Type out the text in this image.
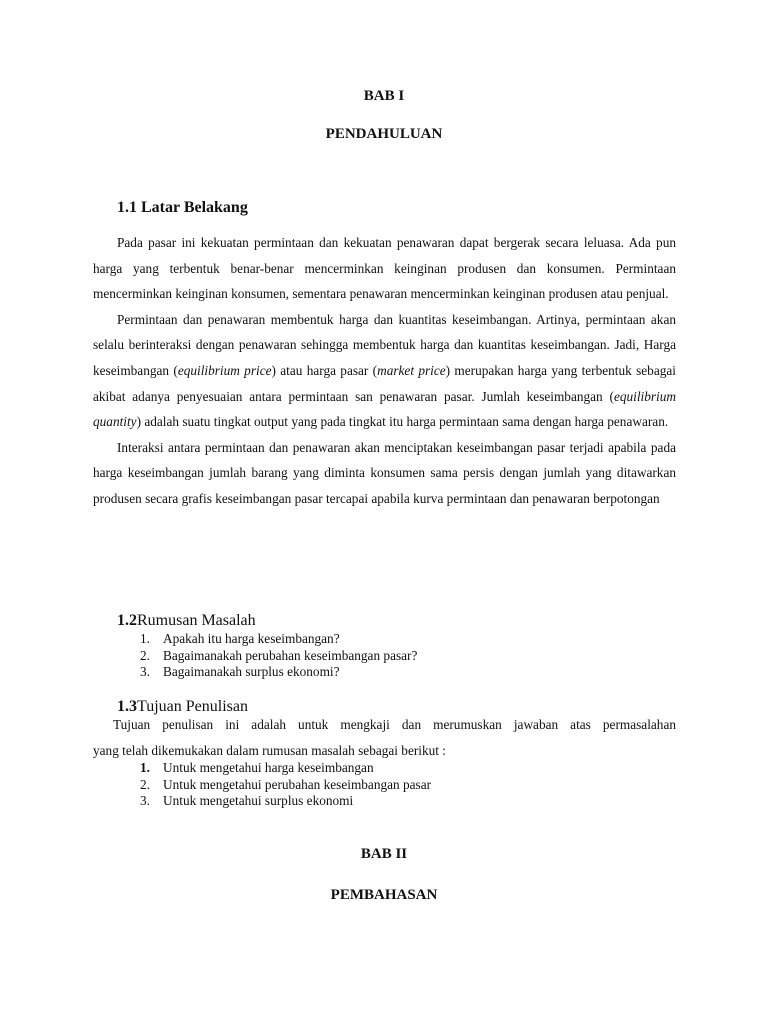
BAB I
PENDAHULUAN
1.1 Latar Belakang

Pada pasar ini kekuatan permintaan dan kekuatan penawaran dapat bergerak secara leluasa. Ada pun harga yang terbentuk benar-benar mencerminkan keinginan produsen dan konsumen. Permintaan mencerminkan keinginan konsumen, sementara penawaran mencerminkan keinginan produsen atau penjual.

Permintaan dan penawaran membentuk harga dan kuantitas keseimbangan. Artinya, permintaan akan selalu berinteraksi dengan penawaran sehingga membentuk harga dan kuantitas keseimbangan. Jadi, Harga keseimbangan (equilibrium price) atau harga pasar (market price) merupakan harga yang terbentuk sebagai akibat adanya penyesuaian antara permintaan san penawaran pasar. Jumlah keseimbangan (equilibrium quantity) adalah suatu tingkat output yang pada tingkat itu harga permintaan sama dengan harga penawaran.

Interaksi antara permintaan dan penawaran akan menciptakan keseimbangan pasar terjadi apabila pada harga keseimbangan jumlah barang yang diminta konsumen sama persis dengan jumlah yang ditawarkan produsen secara grafis keseimbangan pasar tercapai apabila kurva permintaan dan penawaran berpotongan

1.2Rumusan Masalah
1. Apakah itu harga keseimbangan?
2. Bagaimanakah perubahan keseimbangan pasar?
3. Bagaimanakah surplus ekonomi?
1.3Tujuan Penulisan
Tujuan penulisan ini adalah untuk mengkaji dan merumuskan jawaban atas permasalahan
yang telah dikemukakan dalam rumusan masalah sebagai berikut :
1. Untuk mengetahui harga keseimbangan
2. Untuk mengetahui perubahan keseimbangan pasar
3. Untuk mengetahui surplus ekonomi
BAB II
PEMBAHASAN
